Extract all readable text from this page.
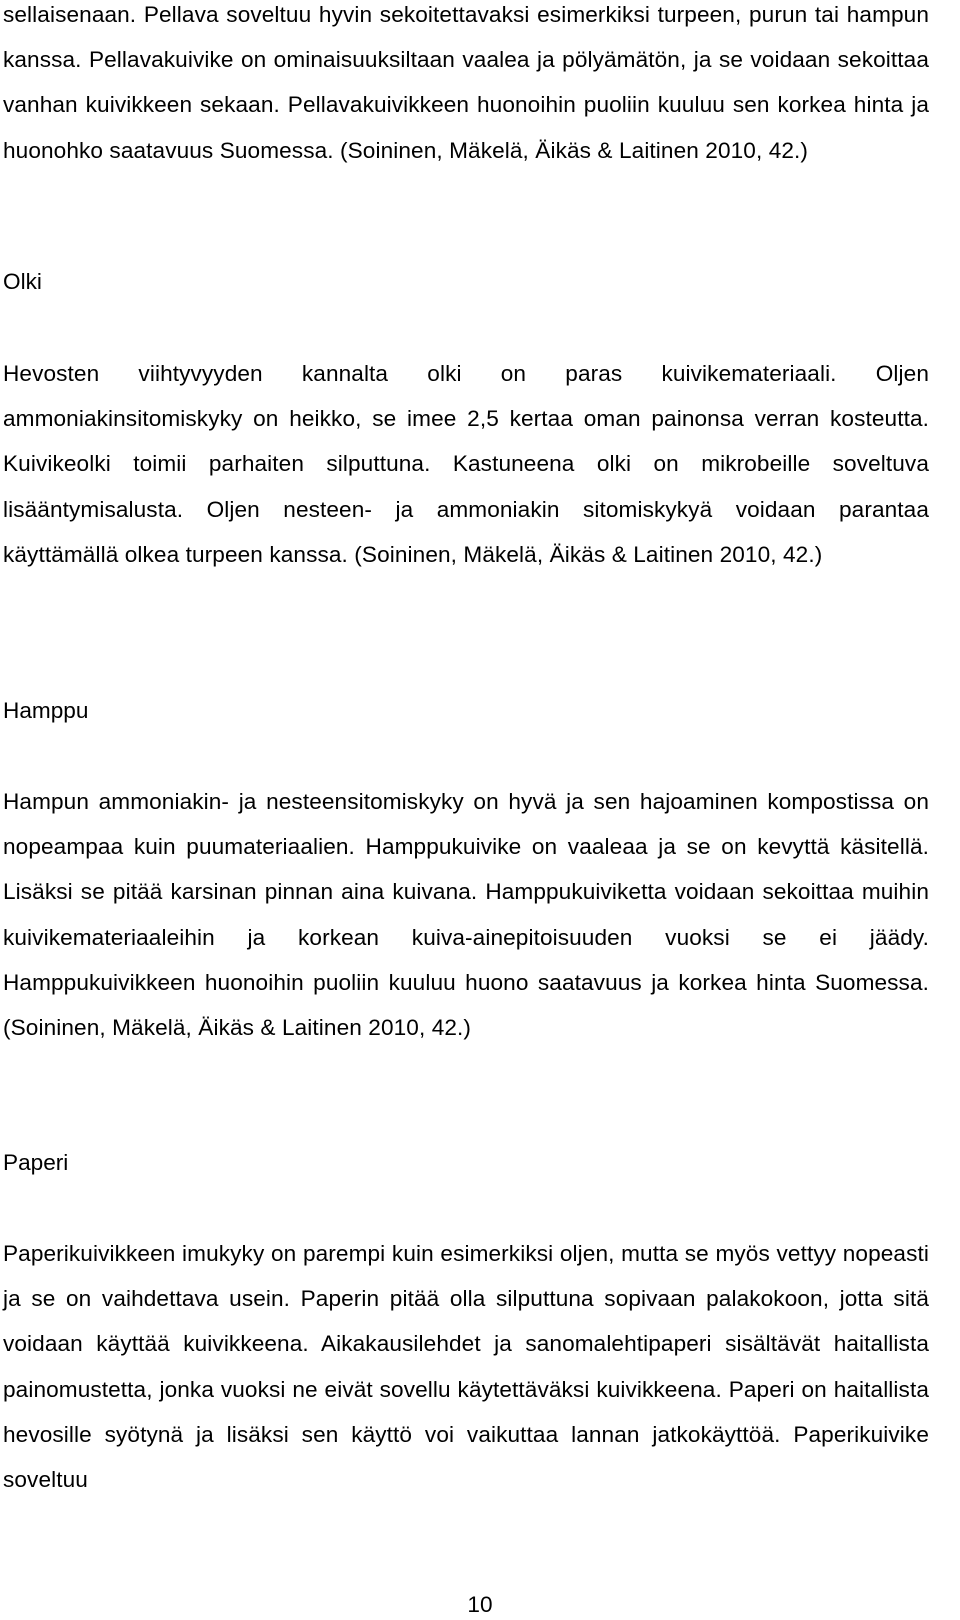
sellaisenaan. Pellava soveltuu hyvin sekoitettavaksi esimerkiksi turpeen, purun tai hampun kanssa. Pellavakuivike on ominaisuuksiltaan vaalea ja pölyämätön, ja se voidaan sekoittaa vanhan kuivikkeen sekaan. Pellavakuivikkeen huonoihin puoliin kuuluu sen korkea hinta ja huonohko saatavuus Suomessa. (Soininen, Mäkelä, Äikäs & Laitinen 2010, 42.)

Olki

Hevosten viihtyvyyden kannalta olki on paras kuivikemateriaali. Oljen ammoniakinsitomiskyky on heikko, se imee 2,5 kertaa oman painonsa verran kosteutta. Kuivikeolki toimii parhaiten silputtuna. Kastuneena olki on mikrobeille soveltuva lisääntymisalusta. Oljen nesteen- ja ammoniakin sitomiskykyä voidaan parantaa käyttämällä olkea turpeen kanssa. (Soininen, Mäkelä, Äikäs & Laitinen 2010, 42.)

Hamppu

Hampun ammoniakin- ja nesteensitomiskyky on hyvä ja sen hajoaminen kompostissa on nopeampaa kuin puumateriaalien. Hamppukuivike on vaaleaa ja se on kevyttä käsitellä. Lisäksi se pitää karsinan pinnan aina kuivana. Hamppukuiviketta voidaan sekoittaa muihin kuivikemateriaaleihin ja korkean kuiva-ainepitoisuuden vuoksi se ei jäädy. Hamppukuivikkeen huonoihin puoliin kuuluu huono saatavuus ja korkea hinta Suomessa. (Soininen, Mäkelä, Äikäs & Laitinen 2010, 42.)

Paperi

Paperikuivikkeen imukyky on parempi kuin esimerkiksi oljen, mutta se myös vettyy nopeasti ja se on vaihdettava usein. Paperin pitää olla silputtuna sopivaan palakokoon, jotta sitä voidaan käyttää kuivikkeena. Aikakausilehdet ja sanomalehtipaperi sisältävät haitallista painomustetta, jonka vuoksi ne eivät sovellu käytettäväksi kuivikkeena. Paperi on haitallista hevosille syötynä ja lisäksi sen käyttö voi vaikuttaa lannan jatkokäyttöä. Paperikuivike soveltuu

10
